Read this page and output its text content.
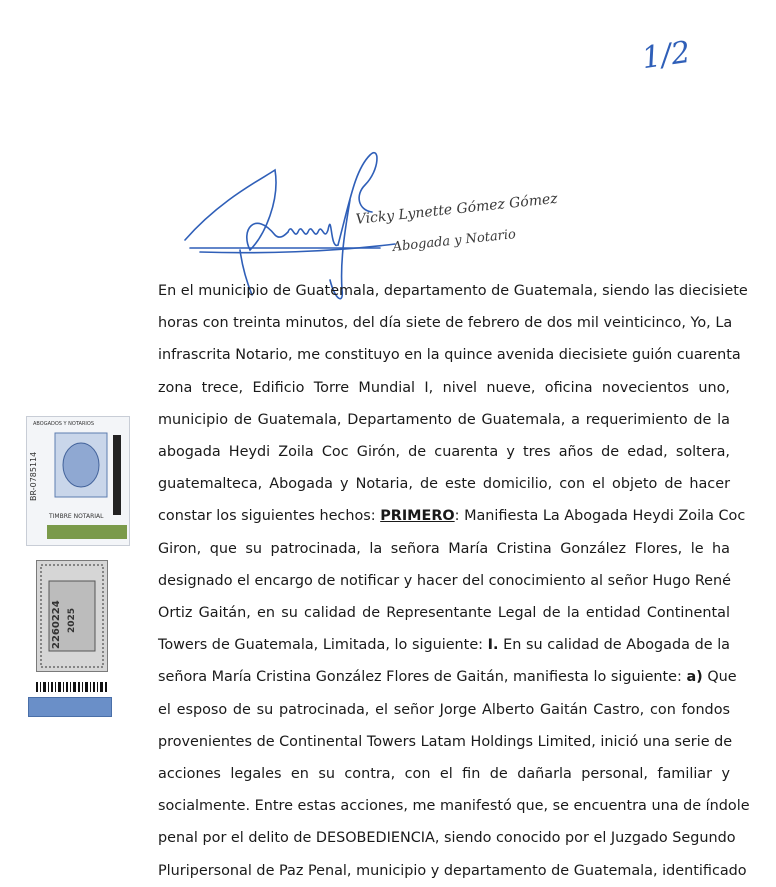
1/2
Vicky Lynette Gómez Gómez
Abogada y Notario
ABOGADOS Y NOTARIOS
BR-0785114
TIMBRE NOTARIAL
2260224 2025
En el municipio de Guatemala, departamento de Guatemala, siendo las diecisiete
horas con treinta minutos, del día siete de febrero de dos mil veinticinco, Yo, La
infrascrita Notario, me constituyo en la quince avenida diecisiete guión cuarenta
zona trece, Edificio Torre Mundial I, nivel nueve, oficina novecientos uno,
municipio de Guatemala, Departamento de Guatemala, a requerimiento de la
abogada Heydi Zoila Coc Girón, de cuarenta y tres años de edad, soltera,
guatemalteca, Abogada y Notaria, de este domicilio, con el objeto de hacer
constar los siguientes hechos: PRIMERO: Manifiesta La Abogada Heydi Zoila Coc
Giron, que su patrocinada, la señora María Cristina González Flores, le ha
designado el encargo de notificar y hacer del conocimiento al señor Hugo René
Ortiz Gaitán, en su calidad de Representante Legal de la entidad Continental
Towers de Guatemala, Limitada, lo siguiente: I. En su calidad de Abogada de la
señora María Cristina González Flores de Gaitán, manifiesta lo siguiente: a) Que
el esposo de su patrocinada, el señor Jorge Alberto Gaitán Castro, con fondos
provenientes de Continental Towers Latam Holdings Limited, inició una serie de
acciones legales en su contra, con el fin de dañarla personal, familiar y
socialmente. Entre estas acciones, me manifestó que, se encuentra una de índole
penal por el delito de DESOBEDIENCIA, siendo conocido por el Juzgado Segundo
Pluripersonal de Paz Penal, municipio y departamento de Guatemala, identificado
